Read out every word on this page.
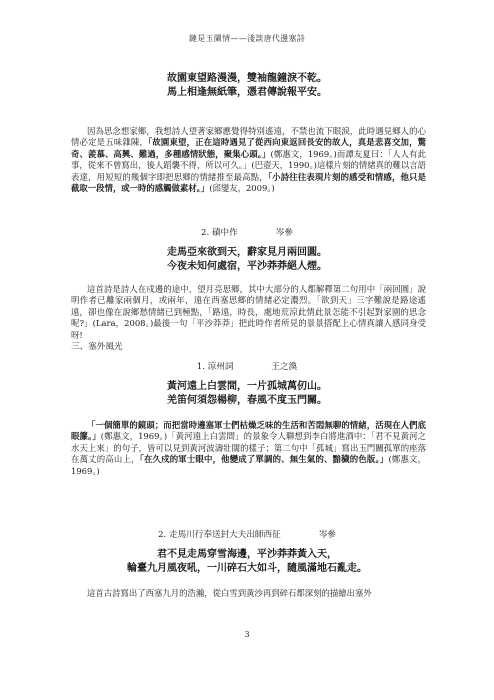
鏈是玉闌情——淺談唐代邊塞詩
故園東望路漫漫，雙袖龍鐘淚不乾。
馬上相逢無紙筆，憑君傳說報平安。
因為思念想家鄉，我想詩人望著家鄉應覺得特別遙遠，不禁也流下眼淚，此時遇見鄉人的心情必定是五味雜陳，「故園東望，正在這時遇見了從西向東返回長安的故人，真是悲喜交加，驚奇、羨慕、高興、難過，多種感情狀態，聚集心頭。」(鄭惠文，1969。)而譚友夏曰：「人人有此事，從來不曾寫出，後人蹈襲不得，所以可久。」(巴壺天，1990。)這樣片刻的情緒真的難以言語表達，用短短的幾個字即把思鄉的情緒推至最高點，「小詩往往表現片刻的感受和情感，他只是截取一段情，或一時的感觸做素材。」(邱燮友，2009。)
2. 磧中作	岑參
走馬亞來欲到天，辭家見月兩回圓。
今夜未知何處宿，平沙莽莽絕人煙。
這首詩是詩人在戍邊的途中，望月亮思鄉，其中大部分的人都解釋第二句用中「兩回圓」說明作者已離家兩個月，或兩年，遠在西塞思鄉的情緒必定濃烈。「欲到天」三字難說是路途遙遠，卻也像在說鄉愁情緒已到極點，「路遠，時長，處地荒涼此情此景怎能不引起對家園的思念呢?」(Lara，2008。)最後一句「平沙莽莽」把此時作者所見的景景搭配上心情真讓人感同身受呀!
三、塞外風光
1. 涼州詞	王之渙
黃河遠上白雲間，一片孤城萬仞山。
羌笛何須怨楊柳，春風不度玉門關。
「一個簡單的鏡頭；而把當時邊塞軍士們枯燥乏味的生活和苦悶無聊的情緒，活現在人們底眼簾。」(鄭惠文，1969。)「黃河遠上白雲間」的景象令人聯想到李白將進酒中：「君不見黃河之水天上來」的句子，皆可以見到黃河波濤壯闊的樣子；第二句中「孤城」寫出玉門關孤單的座落在萬丈的高山上，「在久戍的軍士眼中，他變成了單調的、無生氣的、黯穢的色版。」(鄭惠文，1969。)
2. 走馬川行奉送封大夫出師西征	岑參
君不見走馬穿雪海邊，平沙莽莽黃入天，
輪臺九月風夜吼，一川碎石大如斗，隨風滿地石亂走。
這首古詩寫出了西塞九月的浩瀚，從白雪到黃沙再到碎石都深刻的描繪出塞外
3
